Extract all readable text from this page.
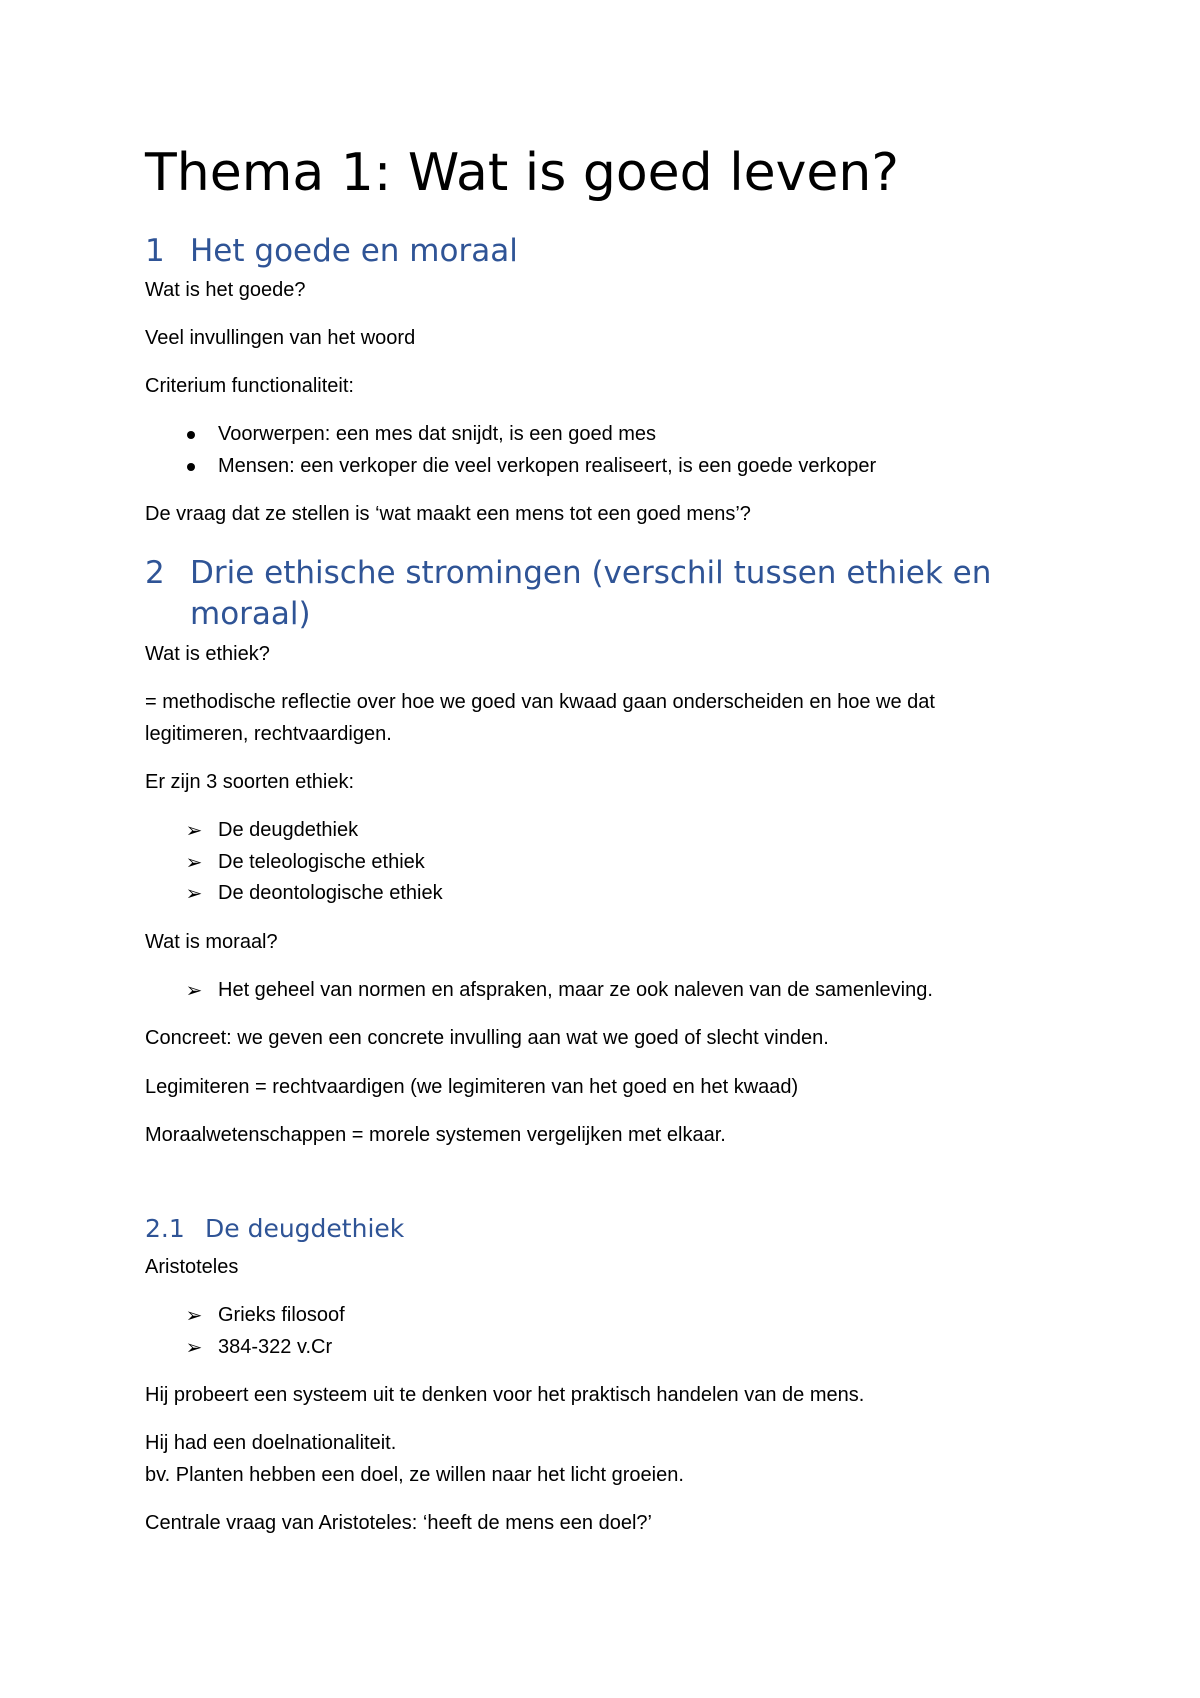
Thema 1: Wat is goed leven?
1 Het goede en moraal
Wat is het goede?
Veel invullingen van het woord
Criterium functionaliteit:
Voorwerpen: een mes dat snijdt, is een goed mes
Mensen: een verkoper die veel verkopen realiseert, is een goede verkoper
De vraag dat ze stellen is ‘wat maakt een mens tot een goed mens’?
2 Drie ethische stromingen (verschil tussen ethiek en
moraal)
Wat is ethiek?
= methodische reflectie over hoe we goed van kwaad gaan onderscheiden en hoe we dat
legitimeren, rechtvaardigen.
Er zijn 3 soorten ethiek:
➢ De deugdethiek
➢ De teleologische ethiek
➢ De deontologische ethiek
Wat is moraal?
➢ Het geheel van normen en afspraken, maar ze ook naleven van de samenleving.
Concreet: we geven een concrete invulling aan wat we goed of slecht vinden.
Legimiteren = rechtvaardigen (we legimiteren van het goed en het kwaad)
Moraalwetenschappen = morele systemen vergelijken met elkaar.
2.1 De deugdethiek
Aristoteles
➢ Grieks filosoof
➢ 384-322 v.Cr
Hij probeert een systeem uit te denken voor het praktisch handelen van de mens.
Hij had een doelnationaliteit.
bv. Planten hebben een doel, ze willen naar het licht groeien.
Centrale vraag van Aristoteles: ‘heeft de mens een doel?’
